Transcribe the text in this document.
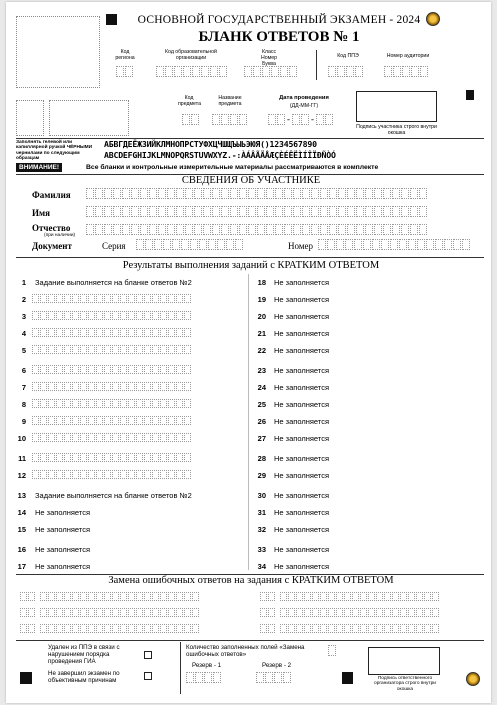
ОСНОВНОЙ ГОСУДАРСТВЕННЫЙ ЭКЗАМЕН - 2024
БЛАНК ОТВЕТОВ № 1
Код региона
Код образовательной организации
Класс Номер Буква
Код ППЭ	Номер аудитории
Код предмета
Название предмета
Дата проведения
(ДД-ММ-ГГ)
- -
Подпись участника строго внутри окошка
Заполнять гелевой или капиллярной ручкой ЧЁРНЫМИ чернилами по следующим образцам
АБВГДЕЁЖЗИЙКЛМНОПРСТУФХЦЧШЩЪЫЬЭЮЯ()1234567890
ABCDEFGHIJKLMNOPQRSTUVWXYZ.-:ÀÁÂÃÄÅÆÇÈÉÊËÌÍÎÏÐÑÒÓ
ВНИМАНИЕ!	Все бланки и контрольные измерительные материалы рассматриваются в комплекте
СВЕДЕНИЯ ОБ УЧАСТНИКЕ
Фамилия
Имя
Отчество
(при наличии)
Документ	Серия	Номер
Результаты выполнения заданий с КРАТКИМ ОТВЕТОМ
1 Задание выполняется на бланке ответов №2
2
3
4
5
6
7
8
9
10
11
12
13 Задание выполняется на бланке ответов №2
14 Не заполняется
15 Не заполняется
16 Не заполняется
17 Не заполняется
18 Не заполняется
19 Не заполняется
20 Не заполняется
21 Не заполняется
22 Не заполняется
23 Не заполняется
24 Не заполняется
25 Не заполняется
26 Не заполняется
27 Не заполняется
28 Не заполняется
29 Не заполняется
30 Не заполняется
31 Не заполняется
32 Не заполняется
33 Не заполняется
34 Не заполняется
Замена ошибочных ответов на задания с КРАТКИМ ОТВЕТОМ
Удален из ППЭ в связи с нарушением порядка проведения ГИА
Не завершил экзамен по объективным причинам
Количество заполненных полей «Замена ошибочных ответов»
Резерв - 1	Резерв - 2
Подпись ответственного организатора строго внутри окошка
